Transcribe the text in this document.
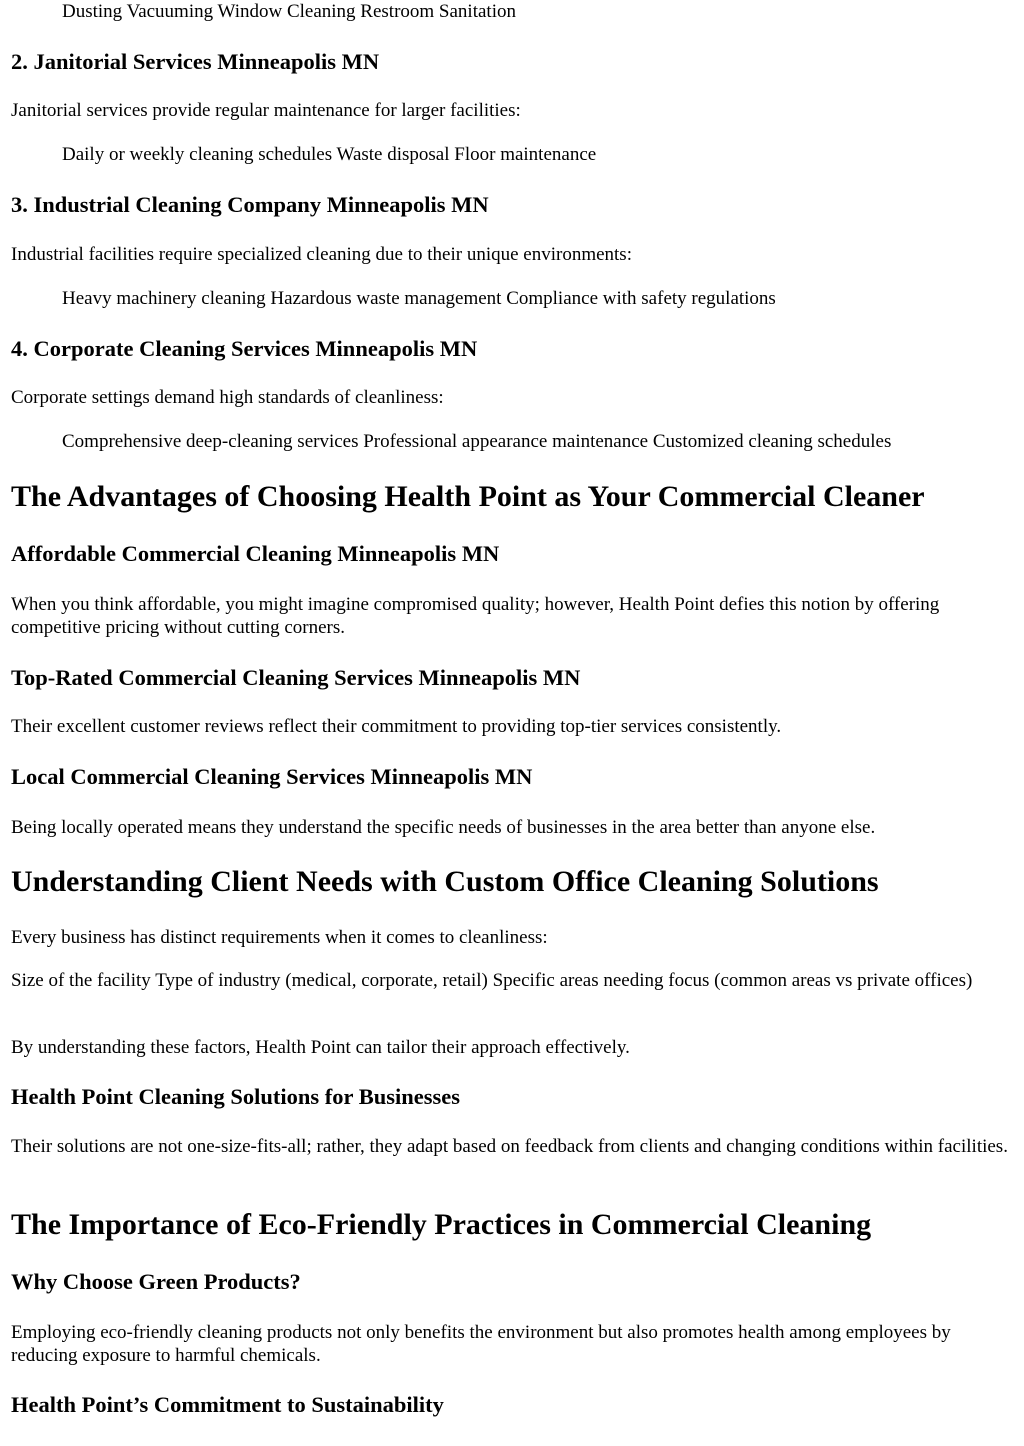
Dusting Vacuuming Window Cleaning Restroom Sanitation

2. Janitorial Services Minneapolis MN

Janitorial services provide regular maintenance for larger facilities:

Daily or weekly cleaning schedules Waste disposal Floor maintenance

3. Industrial Cleaning Company Minneapolis MN

Industrial facilities require specialized cleaning due to their unique environments:

Heavy machinery cleaning Hazardous waste management Compliance with safety regulations

4. Corporate Cleaning Services Minneapolis MN

Corporate settings demand high standards of cleanliness:

Comprehensive deep-cleaning services Professional appearance maintenance Customized cleaning schedules

The Advantages of Choosing Health Point as Your Commercial Cleaner
Affordable Commercial Cleaning Minneapolis MN

When you think affordable, you might imagine compromised quality; however, Health Point defies this notion by offering competitive pricing without cutting corners.

Top-Rated Commercial Cleaning Services Minneapolis MN

Their excellent customer reviews reflect their commitment to providing top-tier services consistently.

Local Commercial Cleaning Services Minneapolis MN

Being locally operated means they understand the specific needs of businesses in the area better than anyone else.

Understanding Client Needs with Custom Office Cleaning Solutions

Every business has distinct requirements when it comes to cleanliness:

Size of the facility Type of industry (medical, corporate, retail) Specific areas needing focus (common areas vs private offices)

By understanding these factors, Health Point can tailor their approach effectively.

Health Point Cleaning Solutions for Businesses

Their solutions are not one-size-fits-all; rather, they adapt based on feedback from clients and changing conditions within facilities.

The Importance of Eco-Friendly Practices in Commercial Cleaning
Why Choose Green Products?

Employing eco-friendly cleaning products not only benefits the environment but also promotes health among employees by reducing exposure to harmful chemicals.

Health Point’s Commitment to Sustainability
